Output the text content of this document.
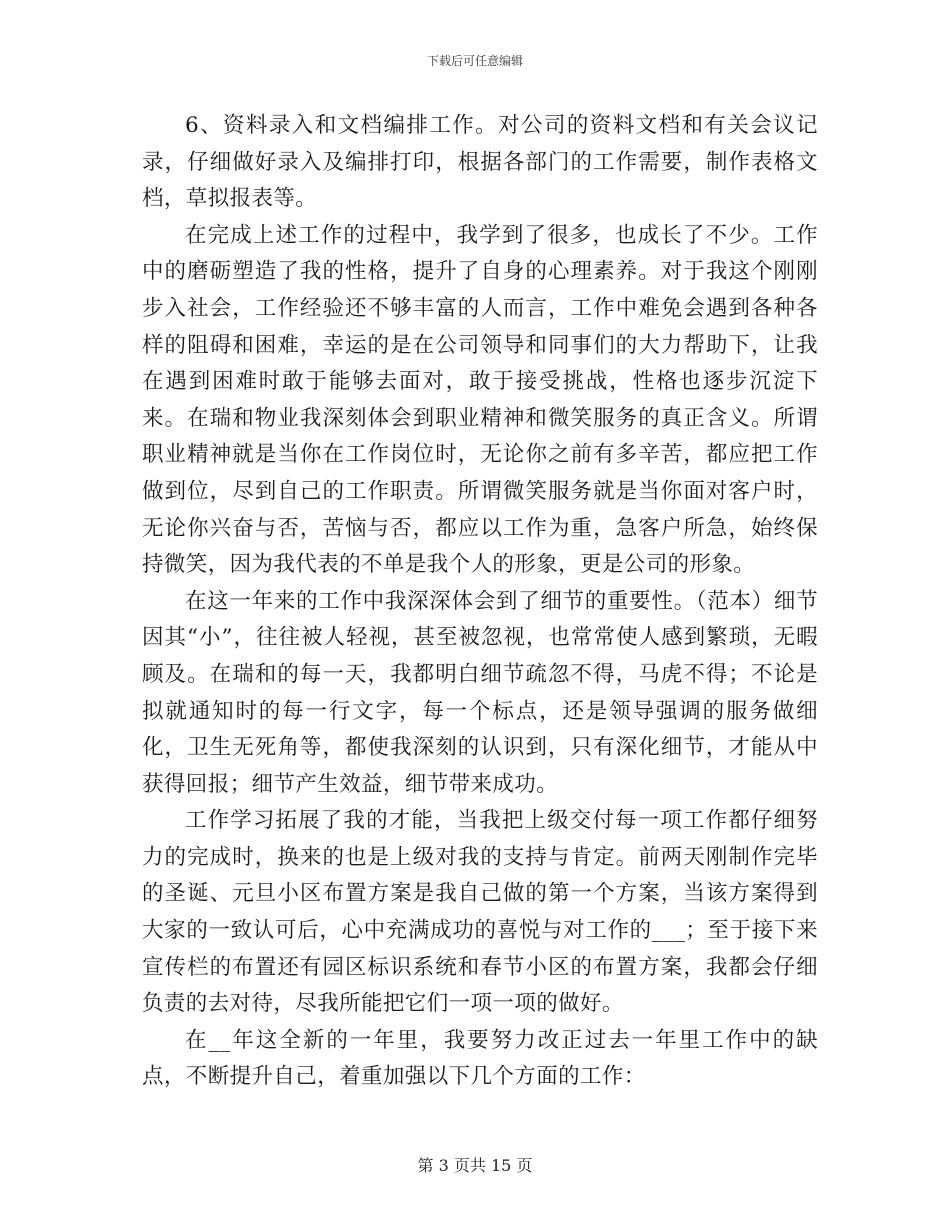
下载后可任意编辑

6、资料录入和文档编排工作。对公司的资料文档和有关会议记录，仔细做好录入及编排打印，根据各部门的工作需要，制作表格文档，草拟报表等。

在完成上述工作的过程中，我学到了很多，也成长了不少。工作中的磨砺塑造了我的性格，提升了自身的心理素养。对于我这个刚刚步入社会，工作经验还不够丰富的人而言，工作中难免会遇到各种各样的阻碍和困难，幸运的是在公司领导和同事们的大力帮助下，让我在遇到困难时敢于能够去面对，敢于接受挑战，性格也逐步沉淀下来。在瑞和物业我深刻体会到职业精神和微笑服务的真正含义。所谓职业精神就是当你在工作岗位时，无论你之前有多辛苦，都应把工作做到位，尽到自己的工作职责。所谓微笑服务就是当你面对客户时，无论你兴奋与否，苦恼与否，都应以工作为重，急客户所急，始终保持微笑，因为我代表的不单是我个人的形象，更是公司的形象。

在这一年来的工作中我深深体会到了细节的重要性。（范本）细节因其“小”，往往被人轻视，甚至被忽视，也常常使人感到繁琐，无暇顾及。在瑞和的每一天，我都明白细节疏忽不得，马虎不得；不论是拟就通知时的每一行文字，每一个标点，还是领导强调的服务做细化，卫生无死角等，都使我深刻的认识到，只有深化细节，才能从中获得回报；细节产生效益，细节带来成功。

工作学习拓展了我的才能，当我把上级交付每一项工作都仔细努力的完成时，换来的也是上级对我的支持与肯定。前两天刚制作完毕的圣诞、元旦小区布置方案是我自己做的第一个方案，当该方案得到大家的一致认可后，心中充满成功的喜悦与对工作的___；至于接下来宣传栏的布置还有园区标识系统和春节小区的布置方案，我都会仔细负责的去对待，尽我所能把它们一项一项的做好。

在__年这全新的一年里，我要努力改正过去一年里工作中的缺点，不断提升自己，着重加强以下几个方面的工作：

第 3 页共 15 页
